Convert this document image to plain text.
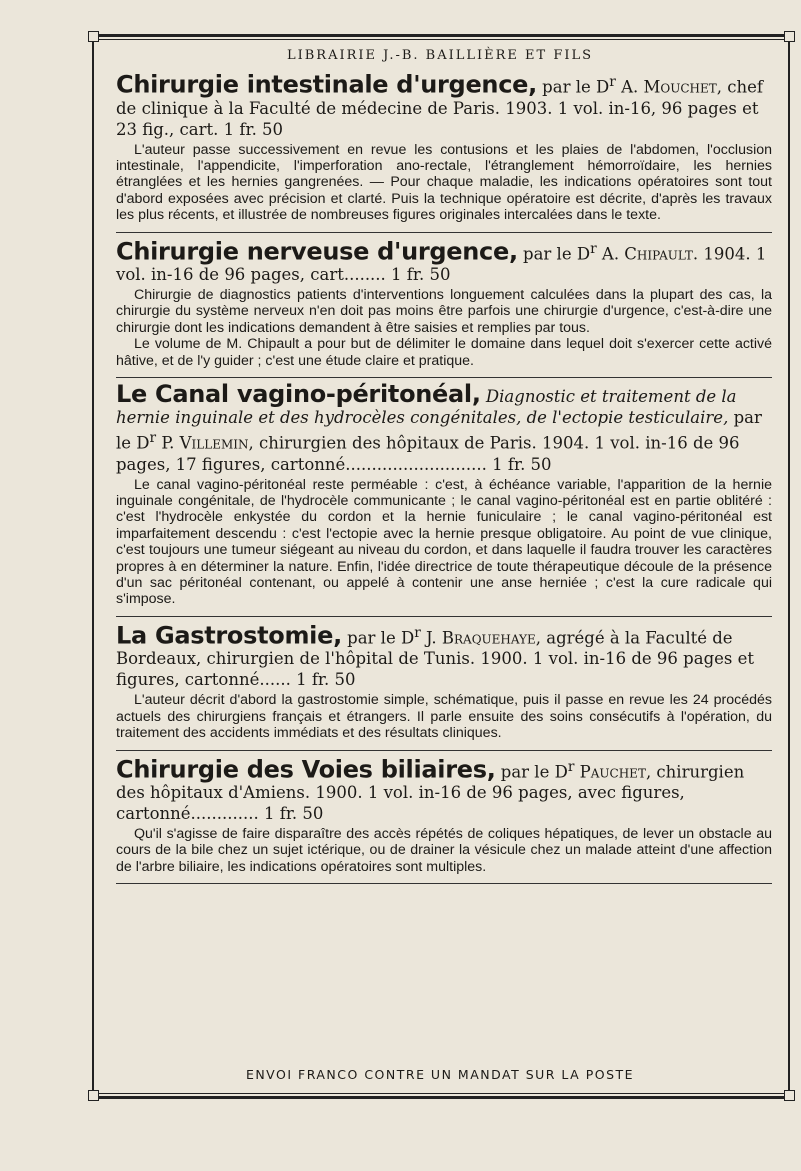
LIBRAIRIE J.-B. BAILLIÈRE ET FILS

Chirurgie intestinale d'urgence, par le $D^r$ A. Mouchet, chef de clinique à la Faculté de médecine de Paris. 1903. 1 vol. in-16, 96 pages et 23 fig., cart. 1 fr. 50

L'auteur passe successivement en revue les contusions et les plaies de l'abdomen, l'occlusion intestinale, l'appendicite, l'imperforation ano-rectale, l'étranglement hémorroïdaire, les hernies étranglées et les hernies gangrenées. — Pour chaque maladie, les indications opératoires sont tout d'abord exposées avec précision et clarté. Puis la technique opératoire est décrite, d'après les travaux les plus récents, et illustrée de nombreuses figures originales intercalées dans le texte.

Chirurgie nerveuse d'urgence, par le $D^r$ A. Chipault. 1904. 1 vol. in-16 de 96 pages, cart........ 1 fr. 50

Chirurgie de diagnostics patients d'interventions longuement calculées dans la plupart des cas, la chirurgie du système nerveux n'en doit pas moins être parfois une chirurgie d'urgence, c'est-à-dire une chirurgie dont les indications demandent à être saisies et remplies par tous.

Le volume de M. Chipault a pour but de délimiter le domaine dans lequel doit s'exercer cette activé hâtive, et de l'y guider ; c'est une étude claire et pratique.

Le Canal vagino-péritonéal, Diagnostic et traitement de la hernie inguinale et des hydrocèles congénitales, de l'ectopie testiculaire, par le $D^r$ P. Villemin, chirurgien des hôpitaux de Paris. 1904. 1 vol. in-16 de 96 pages, 17 figures, cartonné........................... 1 fr. 50

Le canal vagino-péritonéal reste perméable : c'est, à échéance variable, l'apparition de la hernie inguinale congénitale, de l'hydrocèle communicante ; le canal vagino-péritonéal est en partie oblitéré : c'est l'hydrocèle enkystée du cordon et la hernie funiculaire ; le canal vagino-péritonéal est imparfaitement descendu : c'est l'ectopie avec la hernie presque obligatoire. Au point de vue clinique, c'est toujours une tumeur siégeant au niveau du cordon, et dans laquelle il faudra trouver les caractères propres à en déterminer la nature. Enfin, l'idée directrice de toute thérapeutique découle de la présence d'un sac péritonéal contenant, ou appelé à contenir une anse herniée ; c'est la cure radicale qui s'impose.

La Gastrostomie, par le $D^r$ J. Braquehaye, agrégé à la Faculté de Bordeaux, chirurgien de l'hôpital de Tunis. 1900. 1 vol. in-16 de 96 pages et figures, cartonné...... 1 fr. 50

L'auteur décrit d'abord la gastrostomie simple, schématique, puis il passe en revue les 24 procédés actuels des chirurgiens français et étrangers. Il parle ensuite des soins consécutifs à l'opération, du traitement des accidents immédiats et des résultats cliniques.

Chirurgie des Voies biliaires, par le $D^r$ Pauchet, chirurgien des hôpitaux d'Amiens. 1900. 1 vol. in-16 de 96 pages, avec figures, cartonné............. 1 fr. 50

Qu'il s'agisse de faire disparaître des accès répétés de coliques hépatiques, de lever un obstacle au cours de la bile chez un sujet ictérique, ou de drainer la vésicule chez un malade atteint d'une affection de l'arbre biliaire, les indications opératoires sont multiples.

ENVOI FRANCO CONTRE UN MANDAT SUR LA POSTE
